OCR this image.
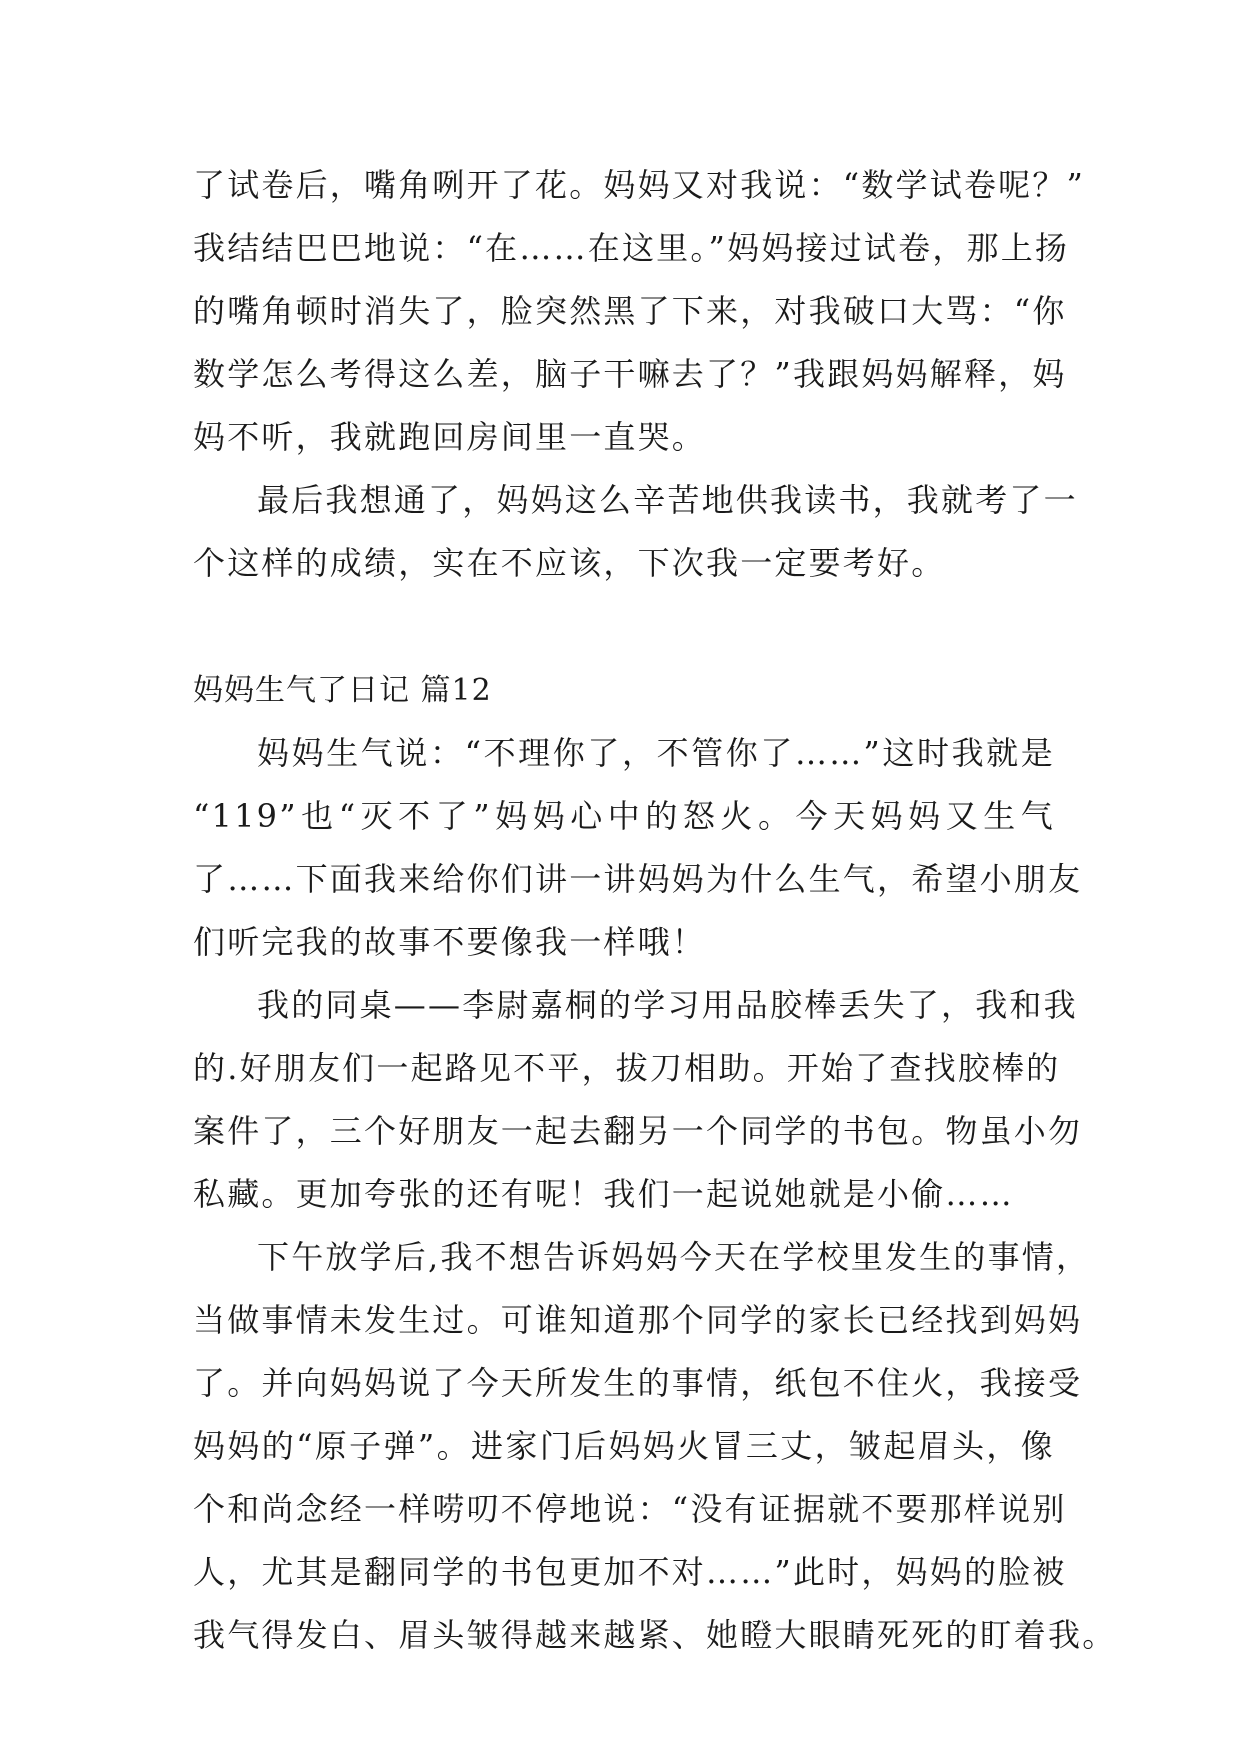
了试卷后，嘴角咧开了花。妈妈又对我说：“数学试卷呢？”
我结结巴巴地说：“在……在这里。”妈妈接过试卷，那上扬
的嘴角顿时消失了，脸突然黑了下来，对我破口大骂：“你
数学怎么考得这么差，脑子干嘛去了？”我跟妈妈解释，妈
妈不听，我就跑回房间里一直哭。
最后我想通了，妈妈这么辛苦地供我读书，我就考了一
个这样的成绩，实在不应该，下次我一定要考好。
妈妈生气了日记 篇12
妈妈生气说：“不理你了，不管你了……”这时我就是
“119”也“灭不了”妈妈心中的怒火。今天妈妈又生气
了……下面我来给你们讲一讲妈妈为什么生气，希望小朋友
们听完我的故事不要像我一样哦！
我的同桌——李尉嘉桐的学习用品胶棒丢失了，我和我
的.好朋友们一起路见不平，拔刀相助。开始了查找胶棒的
案件了，三个好朋友一起去翻另一个同学的书包。物虽小勿
私藏。更加夸张的还有呢！我们一起说她就是小偷……
下午放学后,我不想告诉妈妈今天在学校里发生的事情，
当做事情未发生过。可谁知道那个同学的家长已经找到妈妈
了。并向妈妈说了今天所发生的事情，纸包不住火，我接受
妈妈的“原子弹”。进家门后妈妈火冒三丈，皱起眉头，像
个和尚念经一样唠叨不停地说：“没有证据就不要那样说别
人，尤其是翻同学的书包更加不对……”此时，妈妈的脸被
我气得发白、眉头皱得越来越紧、她瞪大眼睛死死的盯着我。
